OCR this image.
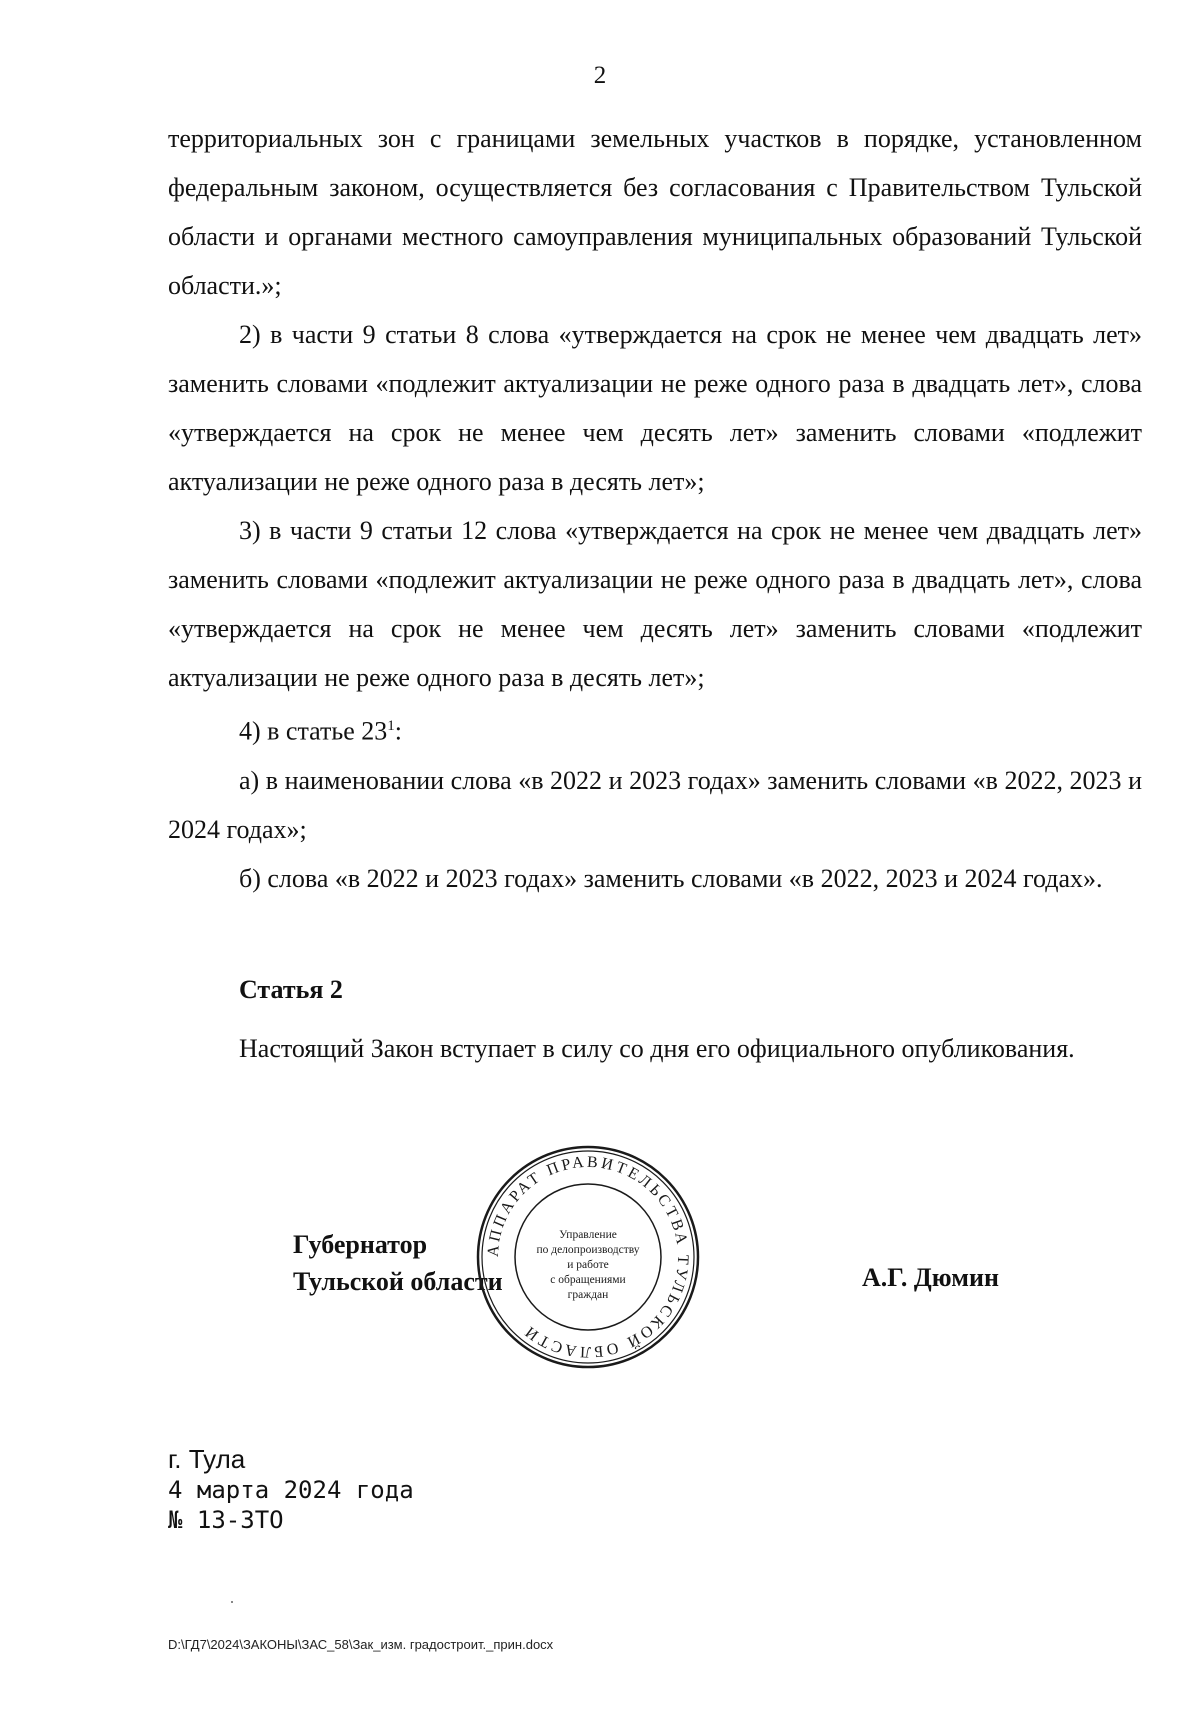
2

территориальных зон с границами земельных участков в порядке, установленном федеральным законом, осуществляется без согласования с Правительством Тульской области и органами местного самоуправления муниципальных образований Тульской области.»;

2) в части 9 статьи 8 слова «утверждается на срок не менее чем двадцать лет» заменить словами «подлежит актуализации не реже одного раза в двадцать лет», слова «утверждается на срок не менее чем десять лет» заменить словами «подлежит актуализации не реже одного раза в десять лет»;

3) в части 9 статьи 12 слова «утверждается на срок не менее чем двадцать лет» заменить словами «подлежит актуализации не реже одного раза в двадцать лет», слова «утверждается на срок не менее чем десять лет» заменить словами «подлежит актуализации не реже одного раза в десять лет»;

4) в статье $23^1$:

а) в наименовании слова «в 2022 и 2023 годах» заменить словами «в 2022, 2023 и 2024 годах»;

б) слова «в 2022 и 2023 годах» заменить словами «в 2022, 2023 и 2024 годах».

Статья 2

Настоящий Закон вступает в силу со дня его официального опубликования.

Губернатор
Тульской области
АППАРАТ ПРАВИТЕЛЬСТВА ТУЛЬСКОЙ ОБЛАСТИ
Управление
по делопроизводству
и работе
с обращениями
граждан
А.Г. Дюмин
г. Тула
4 марта 2024 года
№ 13-ЗТО
D:\ГД7\2024\ЗАКОНЫ\ЗАС_58\Зак_изм. градостроит._прин.docx
